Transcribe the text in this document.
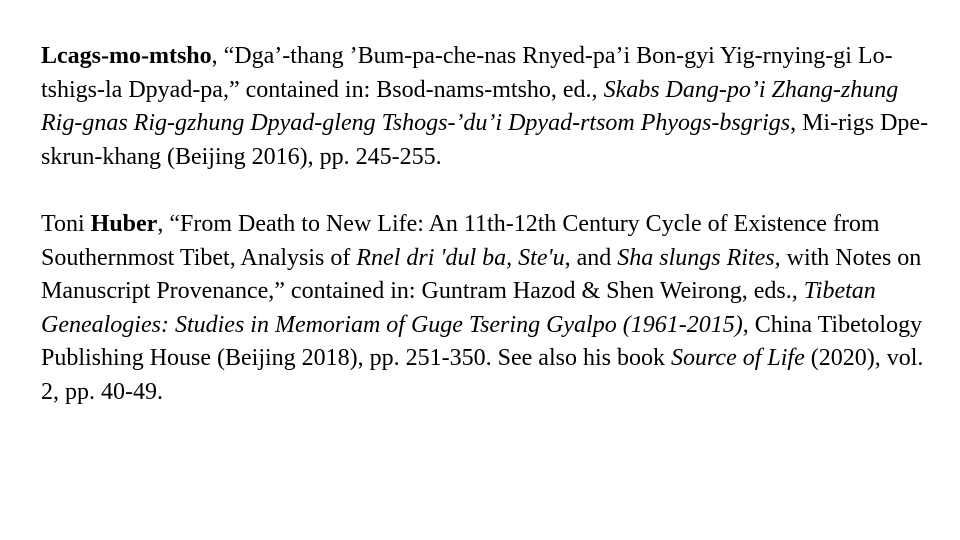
Lcags-mo-mtsho, “Dga’-thang ’Bum-pa-che-nas Rnyed-pa’i Bon-gyi Yig-rnying-gi Lo-tshigs-la Dpyad-pa,” contained in: Bsod-nams-mtsho, ed., Skabs Dang-po’i Zhang-zhung Rig-gnas Rig-gzhung Dpyad-gleng Tshogs-’du’i Dpyad-rtsom Phyogs-bsgrigs, Mi-rigs Dpe-skrun-khang (Beijing 2016), pp. 245-255.

Toni Huber, “From Death to New Life: An 11th-12th Century Cycle of Existence from Southernmost Tibet, Analysis of Rnel dri 'dul ba, Ste'u, and Sha slungs Rites, with Notes on Manuscript Provenance,” contained in: Guntram Hazod & Shen Weirong, eds., Tibetan Genealogies: Studies in Memoriam of Guge Tsering Gyalpo (1961-2015), China Tibetology Publishing House (Beijing 2018), pp. 251-350. See also his book Source of Life (2020), vol. 2, pp. 40-49.
